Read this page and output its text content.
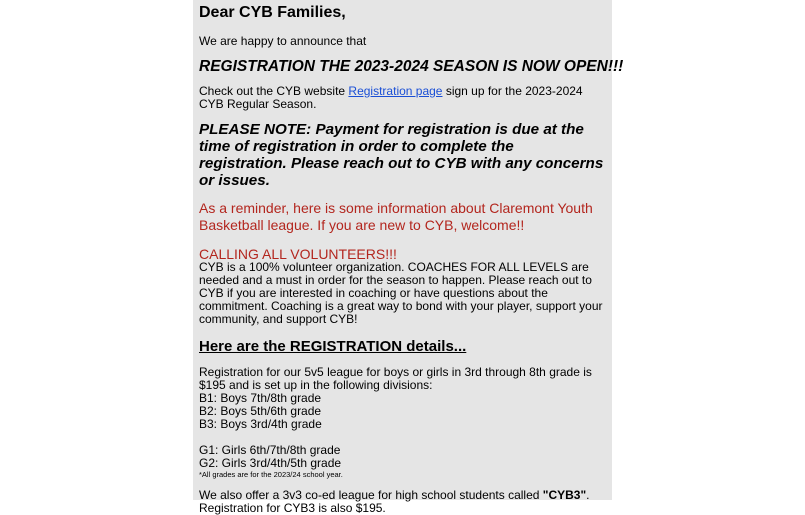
Dear CYB Families,
We are happy to announce that
REGISTRATION THE 2023-2024 SEASON IS NOW OPEN!!!
Check out the CYB website Registration page sign up for the 2023-2024 CYB Regular Season.
PLEASE NOTE: Payment for registration is due at the time of registration in order to complete the registration. Please reach out to CYB with any concerns or issues.
As a reminder, here is some information about Claremont Youth Basketball league. If you are new to CYB, welcome!!
CALLING ALL VOLUNTEERS!!!
CYB is a 100% volunteer organization. COACHES FOR ALL LEVELS are needed and a must in order for the season to happen. Please reach out to CYB if you are interested in coaching or have questions about the commitment. Coaching is a great way to bond with your player, support your community, and support CYB!
Here are the REGISTRATION details...
Registration for our 5v5 league for boys or girls in 3rd through 8th grade is $195 and is set up in the following divisions:
B1: Boys 7th/8th grade
B2: Boys 5th/6th grade
B3: Boys 3rd/4th grade
G1: Girls 6th/7th/8th grade
G2: Girls 3rd/4th/5th grade
*All grades are for the 2023/24 school year.
We also offer a 3v3 co-ed league for high school students called "CYB3".
Registration for CYB3 is also $195.
